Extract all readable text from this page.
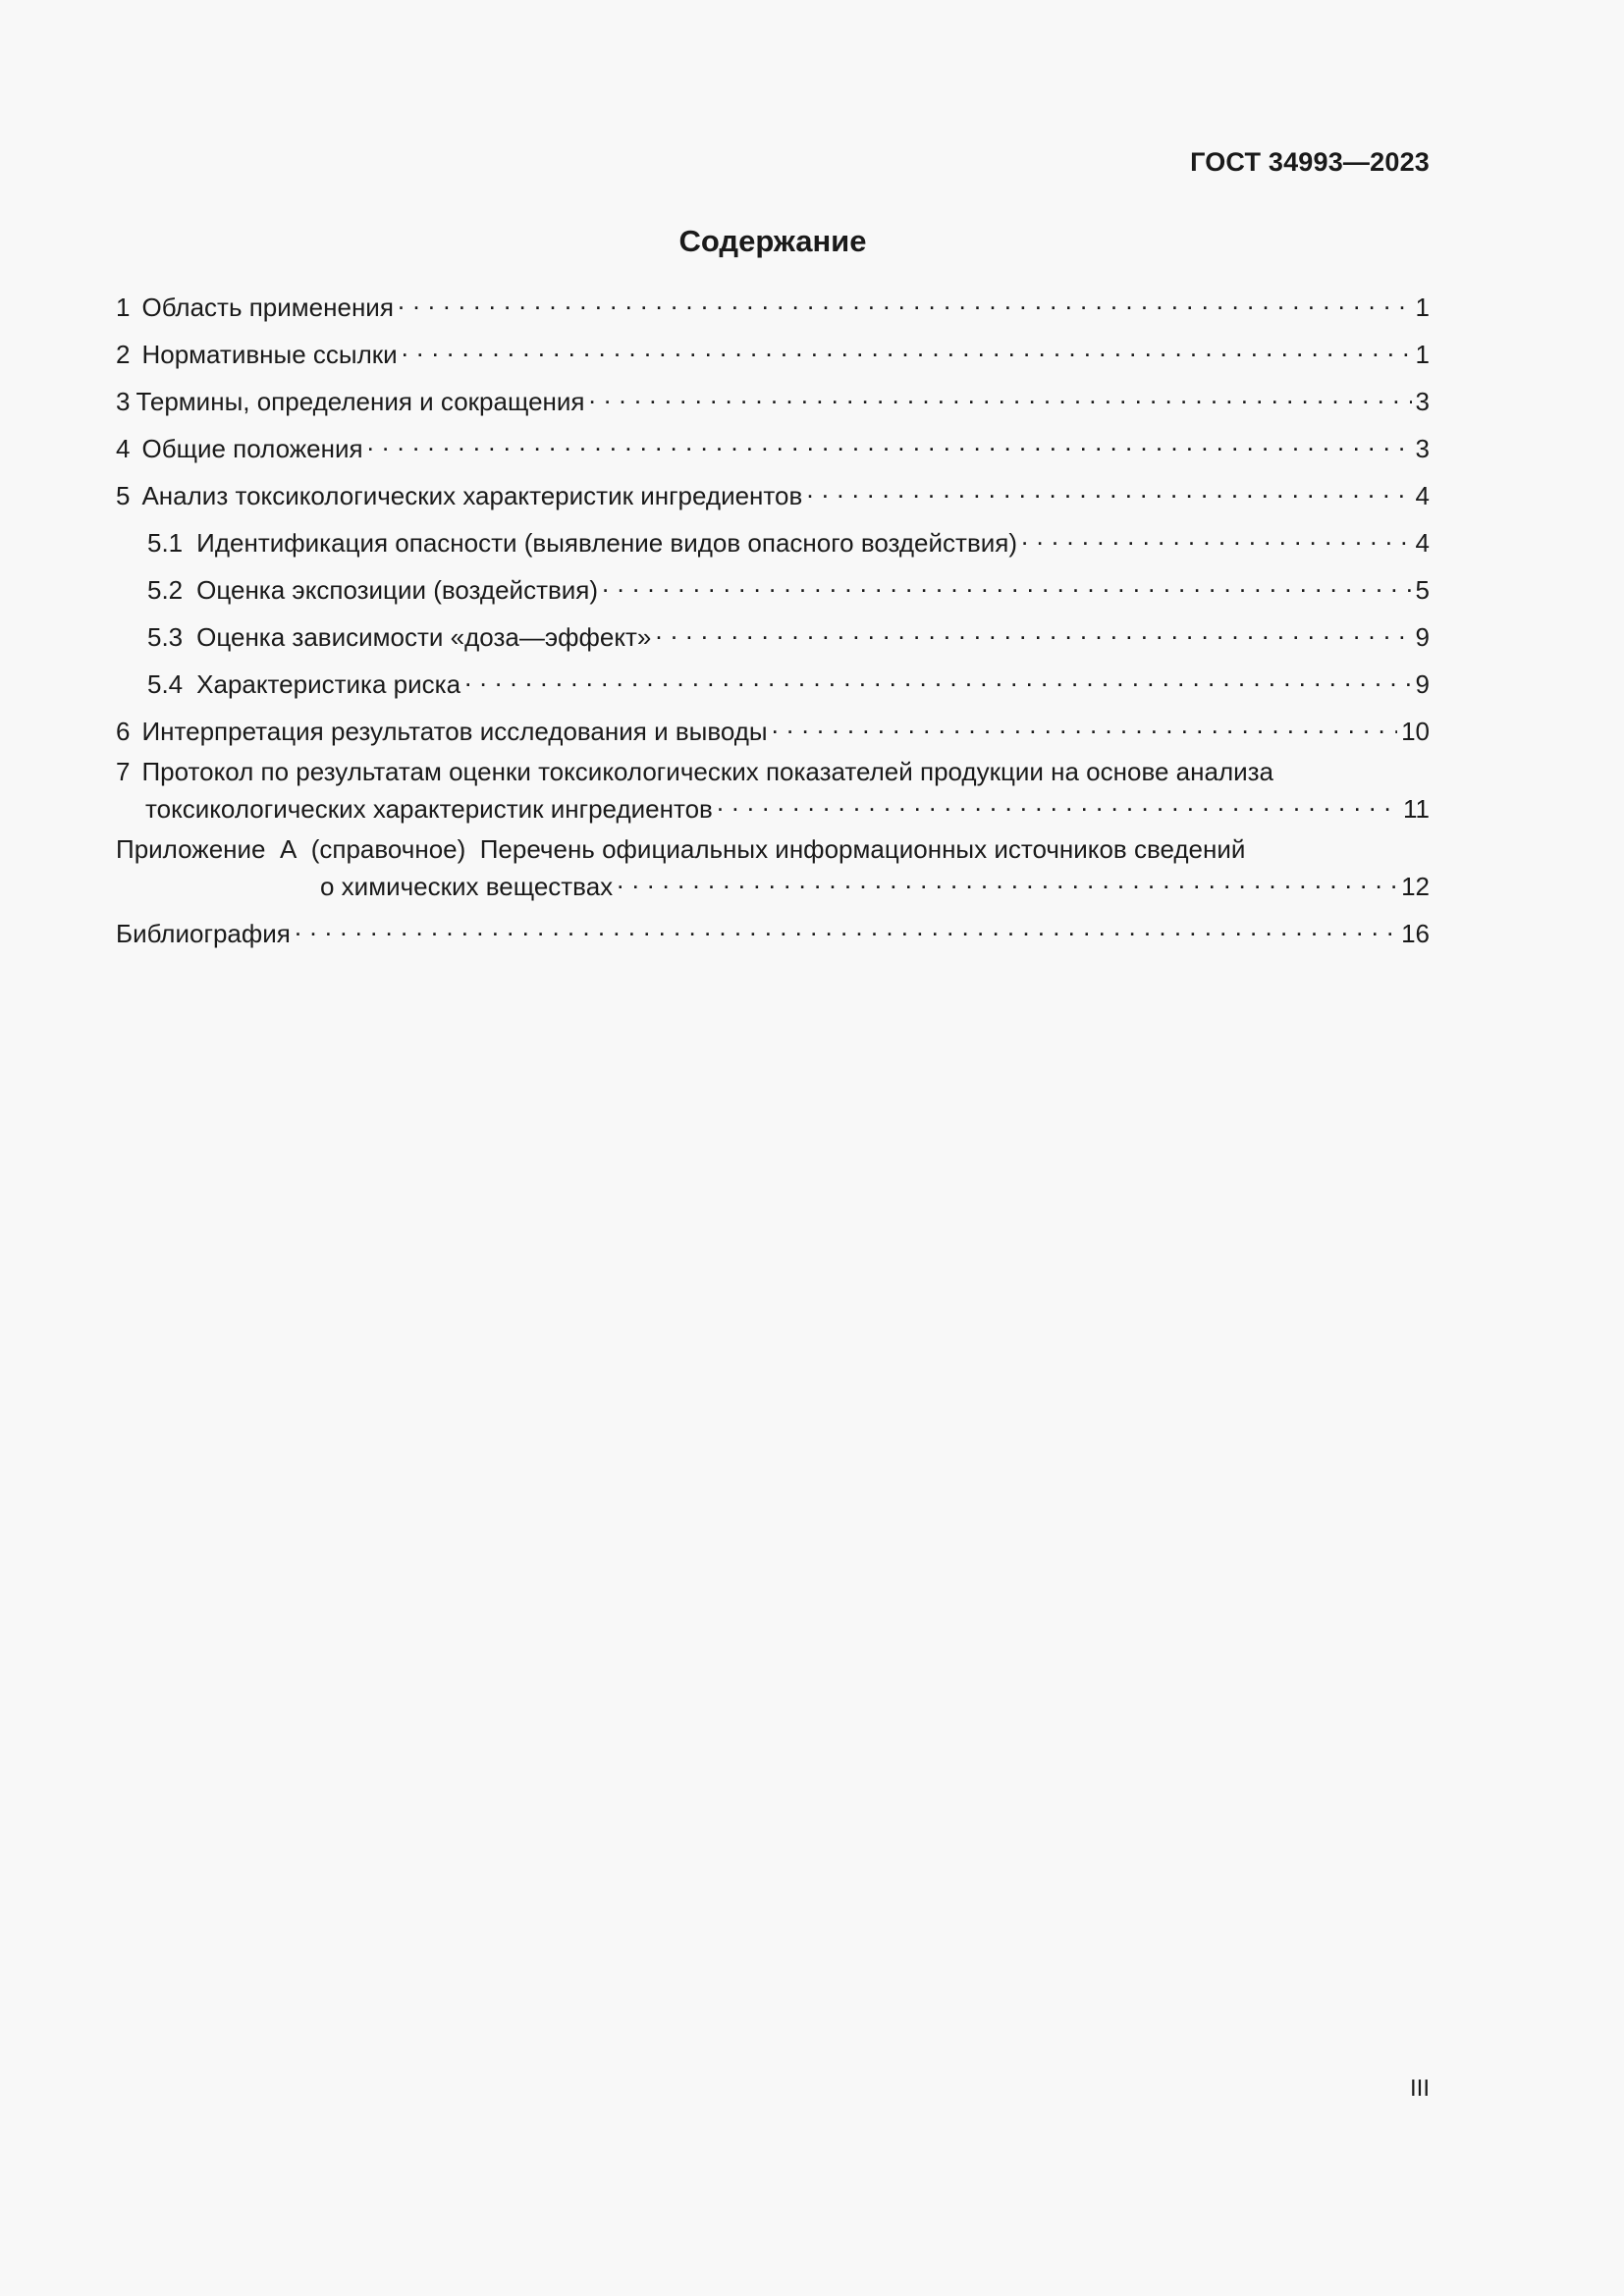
ГОСТ 34993—2023
Содержание
1 Область применения . . .	1
2 Нормативные ссылки . . .	1
3 Термины, определения и сокращения . . .	3
4 Общие положения . . .	3
5 Анализ токсикологических характеристик ингредиентов . . .	4
5.1 Идентификация опасности (выявление видов опасного воздействия) . . .	4
5.2 Оценка экспозиции (воздействия) . . .	5
5.3 Оценка зависимости «доза—эффект» . . .	9
5.4 Характеристика риска . . .	9
6 Интерпретация результатов исследования и выводы . . .	10
7 Протокол по результатам оценки токсикологических показателей продукции на основе анализа
токсикологических характеристик ингредиентов . . .	11
Приложение  А  (справочное)  Перечень официальных информационных источников сведений
о химических веществах . . .	12
Библиография . . .	16
III
